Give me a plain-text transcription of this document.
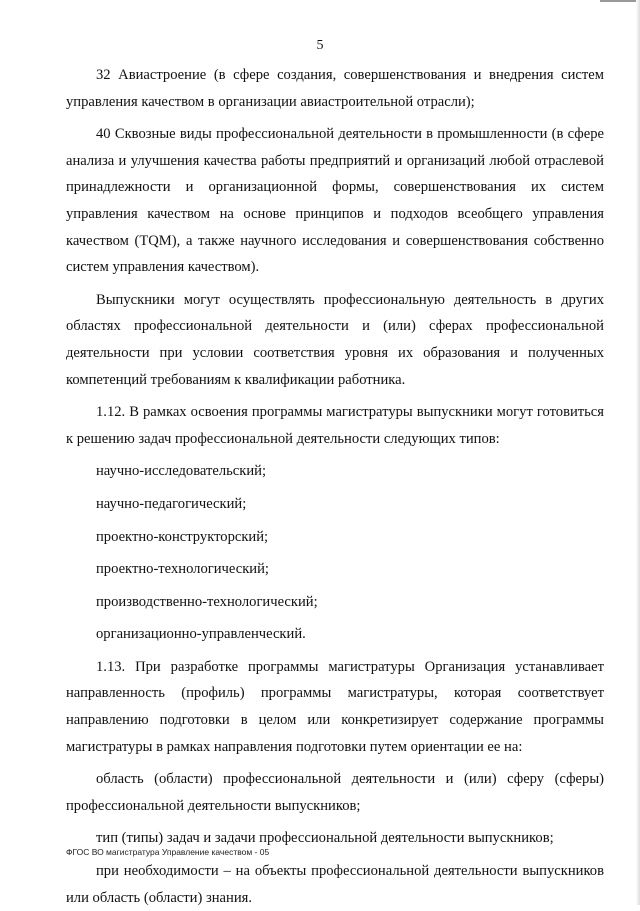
5

32 Авиастроение (в сфере создания, совершенствования и внедрения систем управления качеством в организации авиастроительной отрасли);

40 Сквозные виды профессиональной деятельности в промышленности (в сфере анализа и улучшения качества работы предприятий и организаций любой отраслевой принадлежности и организационной формы, совершенствования их систем управления качеством на основе принципов и подходов всеобщего управления качеством (TQM), а также научного исследования и совершенствования собственно систем управления качеством).

Выпускники могут осуществлять профессиональную деятельность в других областях профессиональной деятельности и (или) сферах профессиональной деятельности при условии соответствия уровня их образования и полученных компетенций требованиям к квалификации работника.

1.12. В рамках освоения программы магистратуры выпускники могут готовиться к решению задач профессиональной деятельности следующих типов:

научно-исследовательский;

научно-педагогический;

проектно-конструкторский;

проектно-технологический;

производственно-технологический;

организационно-управленческий.

1.13. При разработке программы магистратуры Организация устанавливает направленность (профиль) программы магистратуры, которая соответствует направлению подготовки в целом или конкретизирует содержание программы магистратуры в рамках направления подготовки путем ориентации ее на:

область (области) профессиональной деятельности и (или) сферу (сферы) профессиональной деятельности выпускников;

тип (типы) задач и задачи профессиональной деятельности выпускников;

при необходимости – на объекты профессиональной деятельности выпускников или область (области) знания.

ФГОС ВО магистратура Управление качеством - 05
